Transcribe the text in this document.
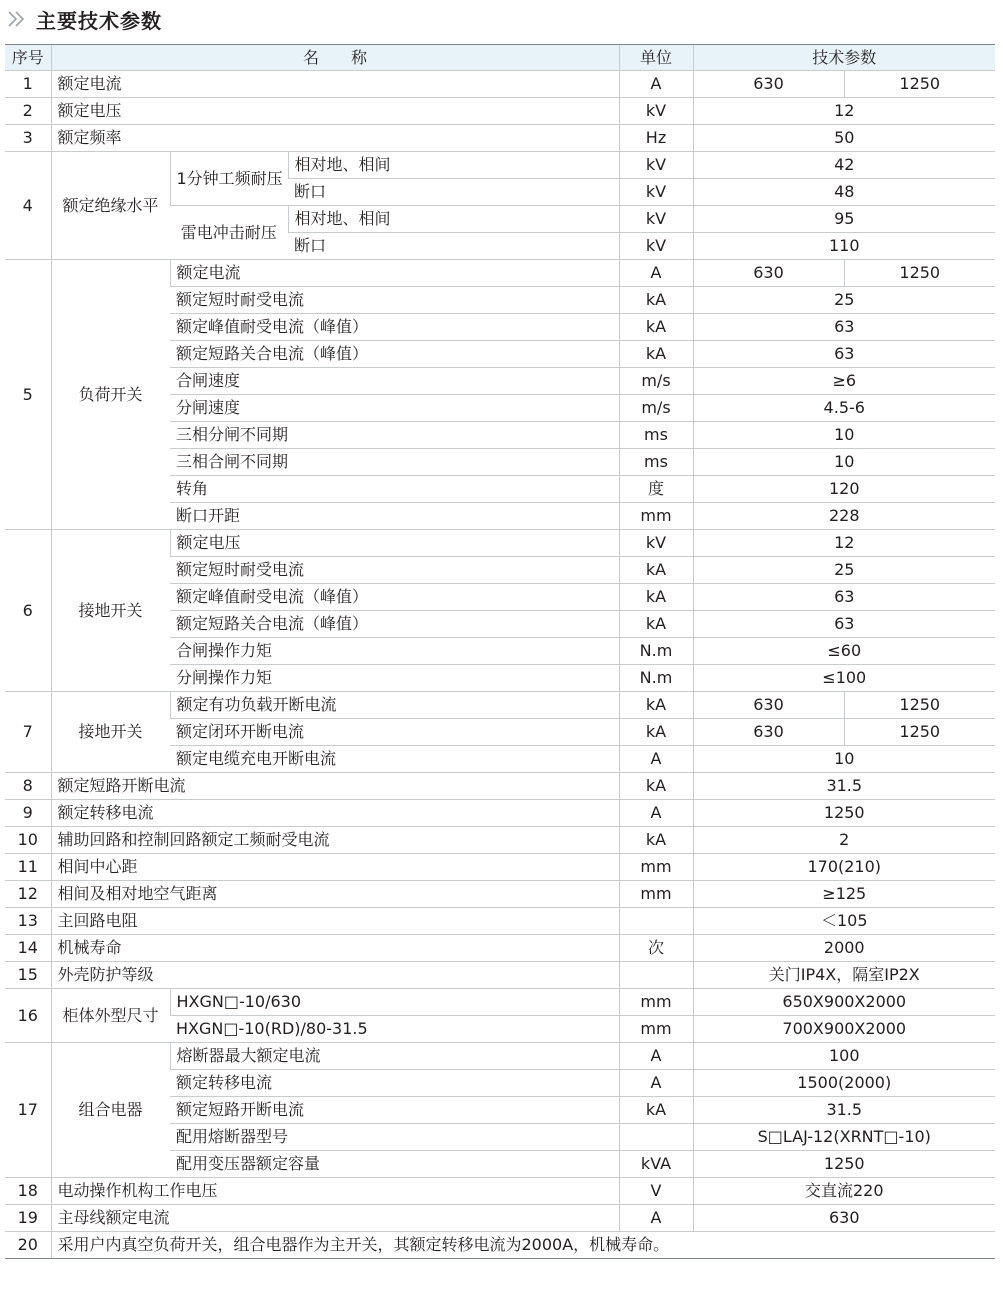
主要技术参数
序号	名　　称			单位	技术参数	
1	额定电流			A	630	1250
2	额定电压			kV	12	
3	额定频率			Hz	50	
4	额定绝缘水平	1分钟工频耐压	相对地、相间	kV	42	
			断口	kV	48	
		雷电冲击耐压	相对地、相间	kV	95	
			断口	kV	110	
5	负荷开关	额定电流		A	630	1250
		额定短时耐受电流		kA	25	
		额定峰值耐受电流（峰值）		kA	63	
		额定短路关合电流（峰值）		kA	63	
		合闸速度		m/s	≥6	
		分闸速度		m/s	4.5-6	
		三相分闸不同期		ms	10	
		三相合闸不同期		ms	10	
		转角		度	120	
		断口开距		mm	228	
6	接地开关	额定电压		kV	12	
		额定短时耐受电流		kA	25	
		额定峰值耐受电流（峰值）		kA	63	
		额定短路关合电流（峰值）		kA	63	
		合闸操作力矩		N.m	≤60	
		分闸操作力矩		N.m	≤100	
7	接地开关	额定有功负载开断电流		kA	630	1250
		额定闭环开断电流		kA	630	1250
		额定电缆充电开断电流		A	10	
8	额定短路开断电流			kA	31.5	
9	额定转移电流			A	1250	
10	辅助回路和控制回路额定工频耐受电流			kA	2	
11	相间中心距			mm	170(210)	
12	相间及相对地空气距离			mm	≥125	
13	主回路电阻				＜105	
14	机械寿命			次	2000	
15	外壳防护等级				关门IP4X，隔室IP2X	
16	柜体外型尺寸	HXGN□-10/630		mm	650X900X2000	
		HXGN□-10(RD)/80-31.5		mm	700X900X2000	
17	组合电器	熔断器最大额定电流		A	100	
		额定转移电流		A	1500(2000)	
		额定短路开断电流		kA	31.5	
		配用熔断器型号			S□LAJ-12(XRNT□-10)	
		配用变压器额定容量		kVA	1250	
18	电动操作机构工作电压			V	交直流220	
19	主母线额定电流			A	630	
20	采用户内真空负荷开关，组合电器作为主开关，其额定转移电流为2000A，机械寿命。					
